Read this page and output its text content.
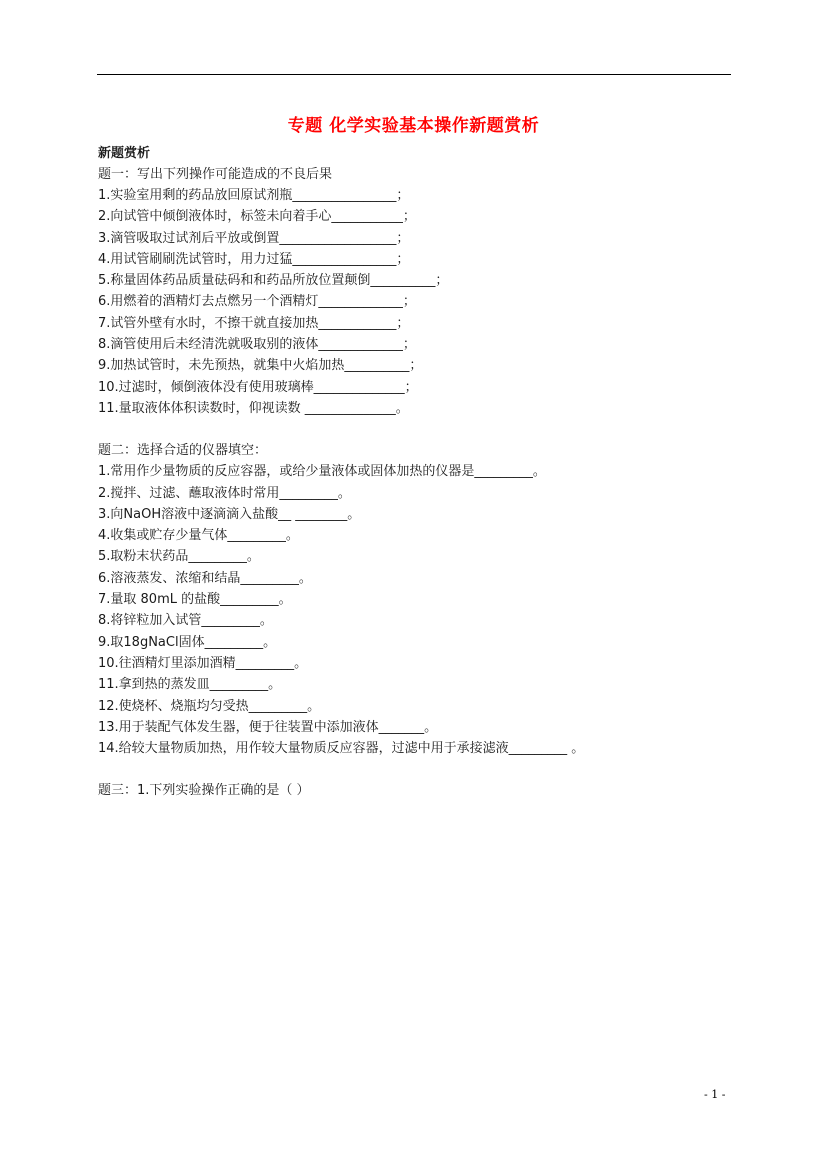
专题 化学实验基本操作新题赏析
新题赏析
题一：写出下列操作可能造成的不良后果
1.实验室用剩的药品放回原试剂瓶________________；
2.向试管中倾倒液体时，标签未向着手心___________；
3.滴管吸取过试剂后平放或倒置__________________；
4.用试管刷刷洗试管时，用力过猛________________；
5.称量固体药品质量砝码和和药品所放位置颠倒__________；
6.用燃着的酒精灯去点燃另一个酒精灯_____________；
7.试管外壁有水时，不擦干就直接加热____________；
8.滴管使用后未经清洗就吸取别的液体_____________；
9.加热试管时，未先预热，就集中火焰加热__________；
10.过滤时，倾倒液体没有使用玻璃棒______________；
11.量取液体体积读数时，仰视读数 ______________。
题二：选择合适的仪器填空：
1.常用作少量物质的反应容器，或给少量液体或固体加热的仪器是_________。
2.搅拌、过滤、蘸取液体时常用_________。
3.向NaOH溶液中逐滴滴入盐酸__ ________。
4.收集或贮存少量气体_________。
5.取粉末状药品_________。
6.溶液蒸发、浓缩和结晶_________。
7.量取 80mL 的盐酸_________。
8.将锌粒加入试管_________。
9.取18gNaCl固体_________。
10.往酒精灯里添加酒精_________。
11.拿到热的蒸发皿_________。
12.使烧杯、烧瓶均匀受热_________。
13.用于装配气体发生器，便于往装置中添加液体_______。
14.给较大量物质加热，用作较大量物质反应容器，过滤中用于承接滤液_________ 。
题三：1.下列实验操作正确的是（ ）
- 1 -
